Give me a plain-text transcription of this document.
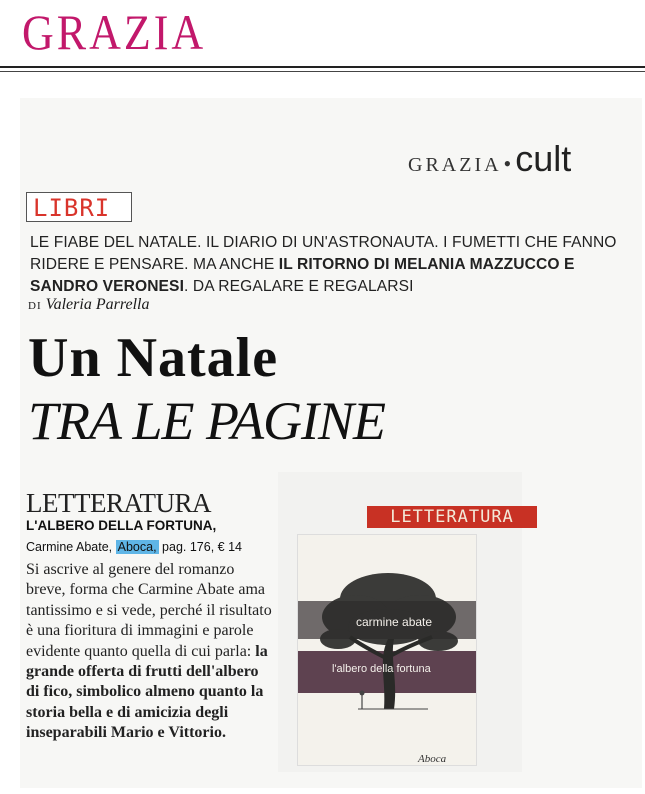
GRAZIA
GRAZIA • cult
LIBRI
LE FIABE DEL NATALE. IL DIARIO DI UN'ASTRONAUTA. I FUMETTI CHE FANNO RIDERE E PENSARE. MA ANCHE IL RITORNO DI MELANIA MAZZUCCO E SANDRO VERONESI. DA REGALARE E REGALARSI
DI Valeria Parrella
Un Natale
TRA LE PAGINE
LETTERATURA
L'ALBERO DELLA FORTUNA,
Carmine Abate, Aboca, pag. 176, € 14
Si ascrive al genere del romanzo breve, forma che Carmine Abate ama tantissimo e si vede, perché il risultato è una fioritura di immagini e parole evidente quanto quella di cui parla: la grande offerta di frutti dell'albero di fico, simbolico almeno quanto la storia bella e di amicizia degli inseparabili Mario e Vittorio.
LETTERATURA

carmine abate
l'albero della fortuna
Aboca
